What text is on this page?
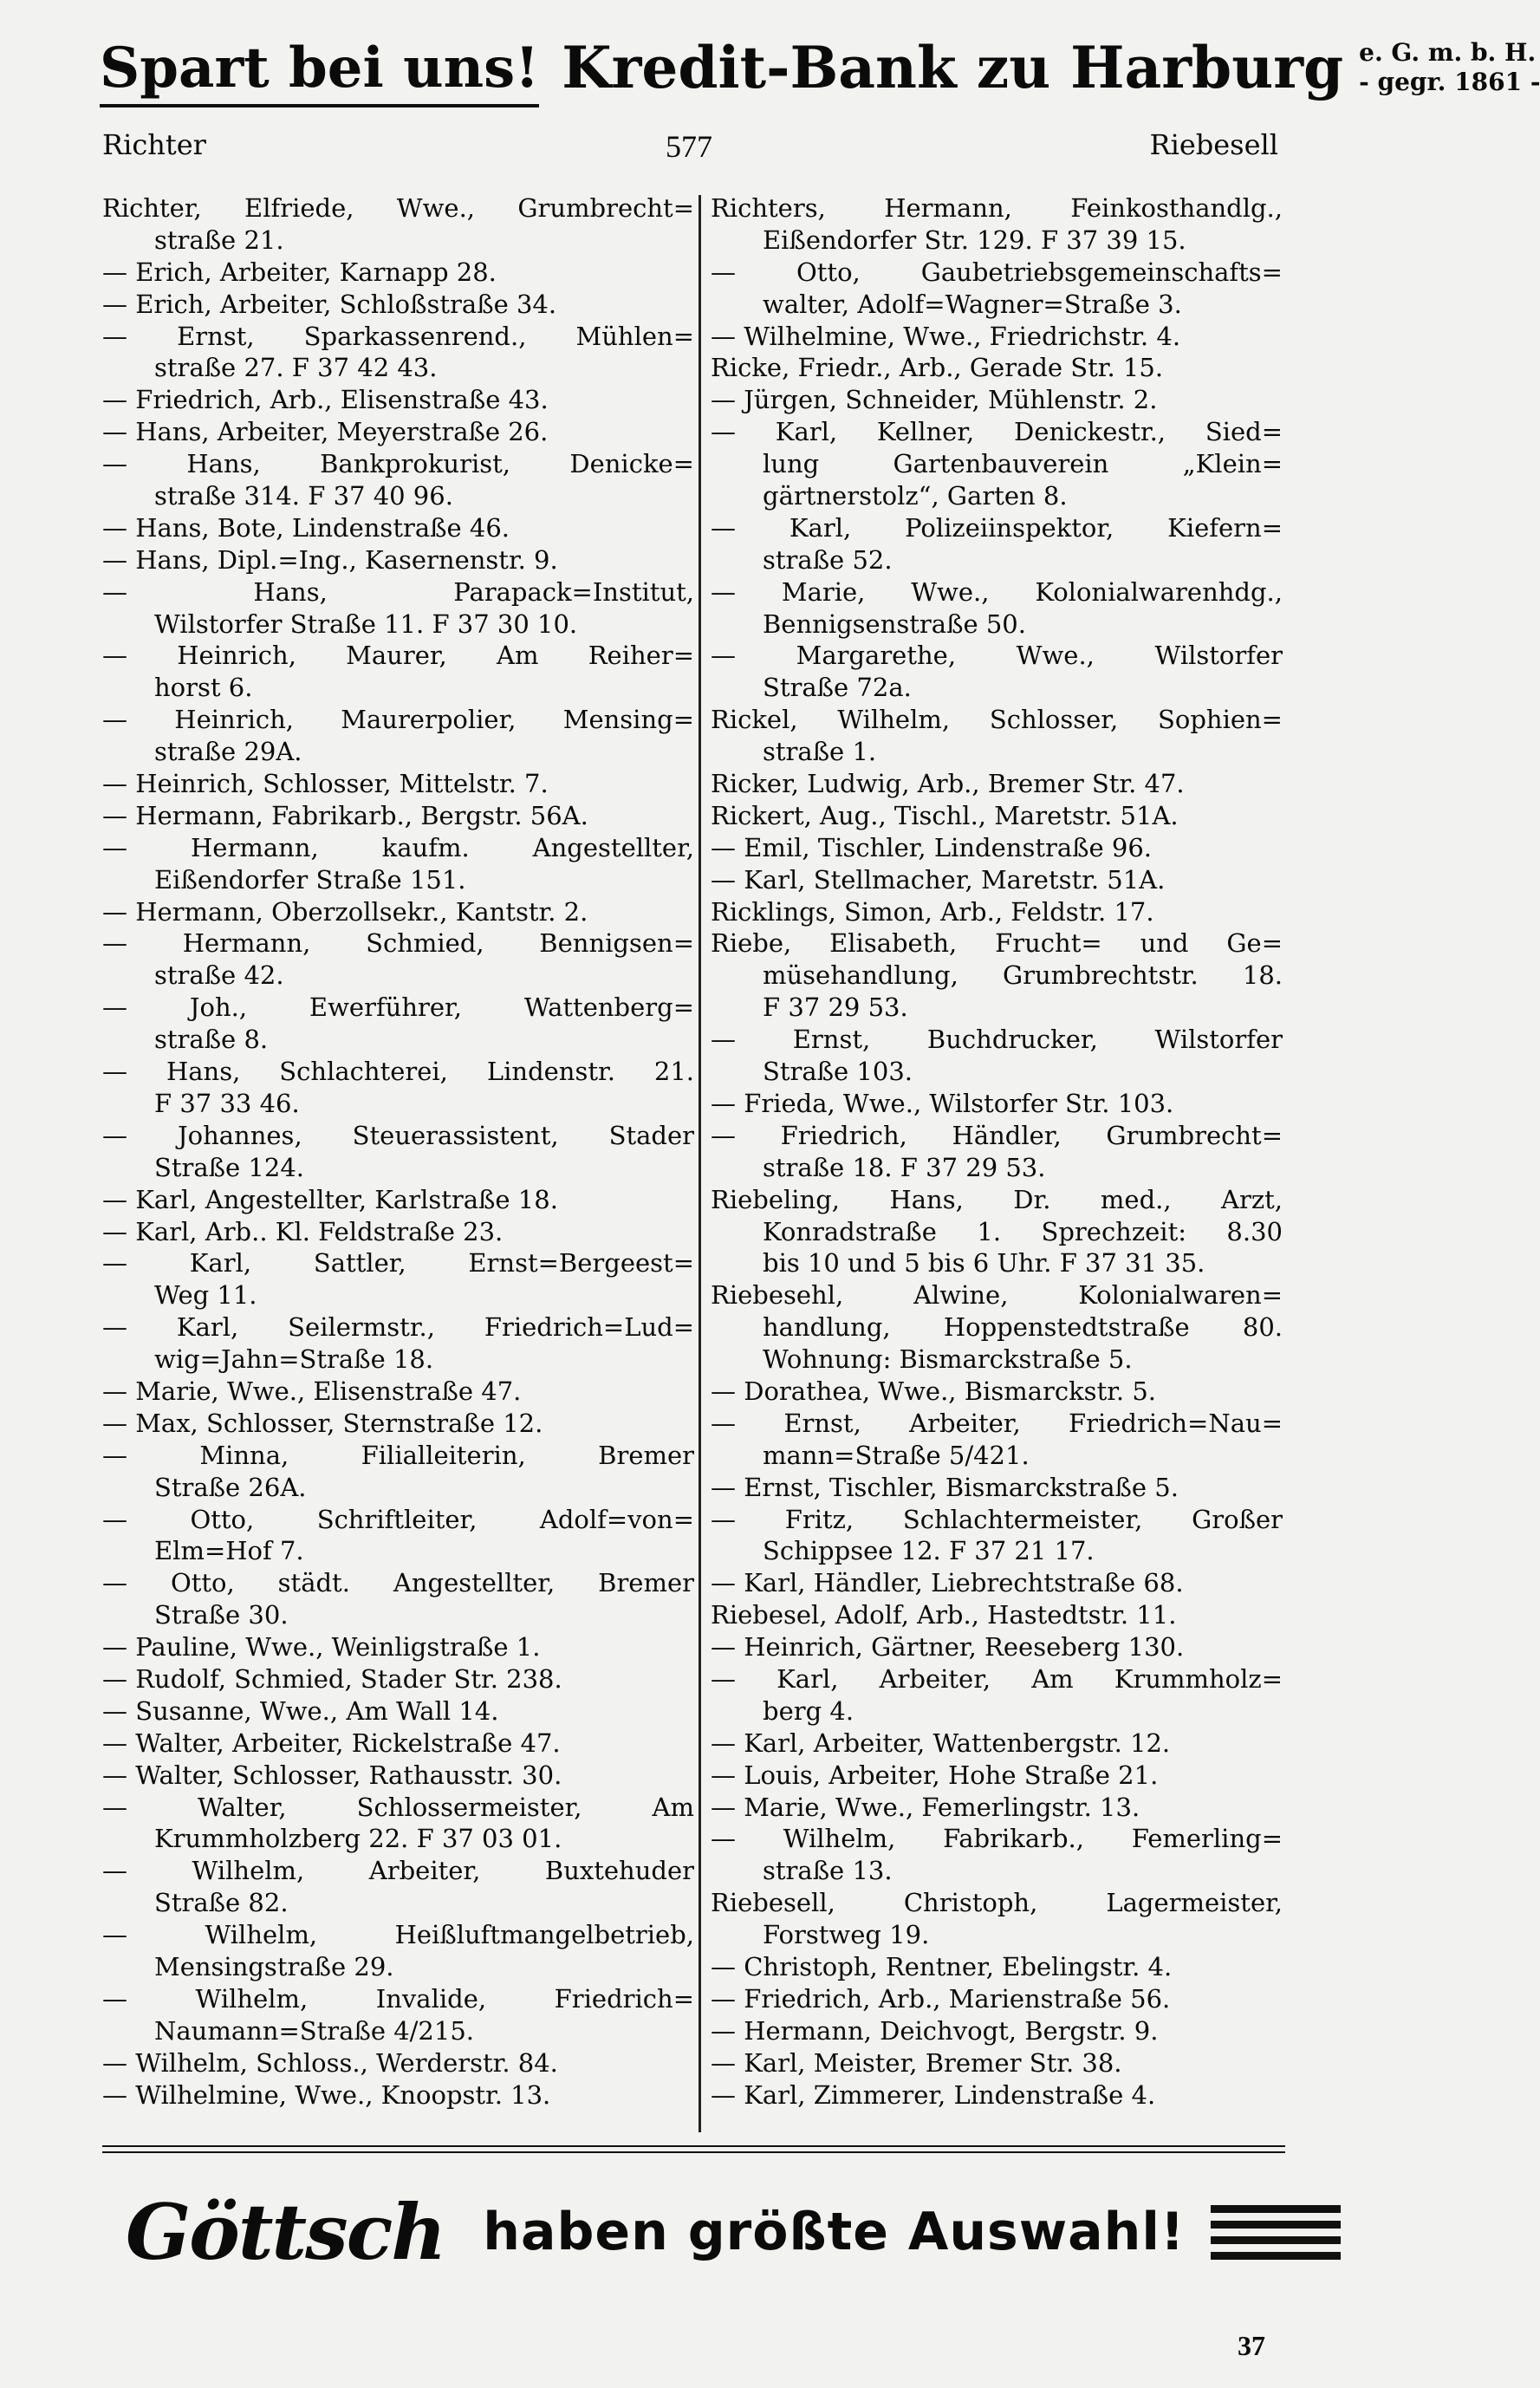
Spart bei uns! Kredit-Bank zu Harburg e. G. m. b. H.
- gegr. 1861 -
Richter	577	Riebesell
Richter, Elfriede, Wwe., Grumbrecht=
straße 21.
— Erich, Arbeiter, Karnapp 28.
— Erich, Arbeiter, Schloßstraße 34.
— Ernst, Sparkassenrend., Mühlen=
straße 27. F 37 42 43.
— Friedrich, Arb., Elisenstraße 43.
— Hans, Arbeiter, Meyerstraße 26.
— Hans, Bankprokurist, Denicke=
straße 314. F 37 40 96.
— Hans, Bote, Lindenstraße 46.
— Hans, Dipl.=Ing., Kasernenstr. 9.
— Hans, Parapack=Institut,
Wilstorfer Straße 11. F 37 30 10.
— Heinrich, Maurer, Am Reiher=
horst 6.
— Heinrich, Maurerpolier, Mensing=
straße 29A.
— Heinrich, Schlosser, Mittelstr. 7.
— Hermann, Fabrikarb., Bergstr. 56A.
— Hermann, kaufm. Angestellter,
Eißendorfer Straße 151.
— Hermann, Oberzollsekr., Kantstr. 2.
— Hermann, Schmied, Bennigsen=
straße 42.
— Joh., Ewerführer, Wattenberg=
straße 8.
— Hans, Schlachterei, Lindenstr. 21.
F 37 33 46.
— Johannes, Steuerassistent, Stader
Straße 124.
— Karl, Angestellter, Karlstraße 18.
— Karl, Arb.. Kl. Feldstraße 23.
— Karl, Sattler, Ernst=Bergeest=
Weg 11.
— Karl, Seilermstr., Friedrich=Lud=
wig=Jahn=Straße 18.
— Marie, Wwe., Elisenstraße 47.
— Max, Schlosser, Sternstraße 12.
— Minna, Filialleiterin, Bremer
Straße 26A.
— Otto, Schriftleiter, Adolf=von=
Elm=Hof 7.
— Otto, städt. Angestellter, Bremer
Straße 30.
— Pauline, Wwe., Weinligstraße 1.
— Rudolf, Schmied, Stader Str. 238.
— Susanne, Wwe., Am Wall 14.
— Walter, Arbeiter, Rickelstraße 47.
— Walter, Schlosser, Rathausstr. 30.
— Walter, Schlossermeister, Am
Krummholzberg 22. F 37 03 01.
— Wilhelm, Arbeiter, Buxtehuder
Straße 82.
— Wilhelm, Heißluftmangelbetrieb,
Mensingstraße 29.
— Wilhelm, Invalide, Friedrich=
Naumann=Straße 4/215.
— Wilhelm, Schloss., Werderstr. 84.
— Wilhelmine, Wwe., Knoopstr. 13.
Richters, Hermann, Feinkosthandlg.,
Eißendorfer Str. 129. F 37 39 15.
— Otto, Gaubetriebsgemeinschafts=
walter, Adolf=Wagner=Straße 3.
— Wilhelmine, Wwe., Friedrichstr. 4.
Ricke, Friedr., Arb., Gerade Str. 15.
— Jürgen, Schneider, Mühlenstr. 2.
— Karl, Kellner, Denickestr., Sied=
lung Gartenbauverein „Klein=
gärtnerstolz“, Garten 8.
— Karl, Polizeiinspektor, Kiefern=
straße 52.
— Marie, Wwe., Kolonialwarenhdg.,
Bennigsenstraße 50.
— Margarethe, Wwe., Wilstorfer
Straße 72a.
Rickel, Wilhelm, Schlosser, Sophien=
straße 1.
Ricker, Ludwig, Arb., Bremer Str. 47.
Rickert, Aug., Tischl., Maretstr. 51A.
— Emil, Tischler, Lindenstraße 96.
— Karl, Stellmacher, Maretstr. 51A.
Ricklings, Simon, Arb., Feldstr. 17.
Riebe, Elisabeth, Frucht= und Ge=
müsehandlung, Grumbrechtstr. 18.
F 37 29 53.
— Ernst, Buchdrucker, Wilstorfer
Straße 103.
— Frieda, Wwe., Wilstorfer Str. 103.
— Friedrich, Händler, Grumbrecht=
straße 18. F 37 29 53.
Riebeling, Hans, Dr. med., Arzt,
Konradstraße 1. Sprechzeit: 8.30
bis 10 und 5 bis 6 Uhr. F 37 31 35.
Riebesehl, Alwine, Kolonialwaren=
handlung, Hoppenstedtstraße 80.
Wohnung: Bismarckstraße 5.
— Dorathea, Wwe., Bismarckstr. 5.
— Ernst, Arbeiter, Friedrich=Nau=
mann=Straße 5/421.
— Ernst, Tischler, Bismarckstraße 5.
— Fritz, Schlachtermeister, Großer
Schippsee 12. F 37 21 17.
— Karl, Händler, Liebrechtstraße 68.
Riebesel, Adolf, Arb., Hastedtstr. 11.
— Heinrich, Gärtner, Reeseberg 130.
— Karl, Arbeiter, Am Krummholz=
berg 4.
— Karl, Arbeiter, Wattenbergstr. 12.
— Louis, Arbeiter, Hohe Straße 21.
— Marie, Wwe., Femerlingstr. 13.
— Wilhelm, Fabrikarb., Femerling=
straße 13.
Riebesell, Christoph, Lagermeister,
Forstweg 19.
— Christoph, Rentner, Ebelingstr. 4.
— Friedrich, Arb., Marienstraße 56.
— Hermann, Deichvogt, Bergstr. 9.
— Karl, Meister, Bremer Str. 38.
— Karl, Zimmerer, Lindenstraße 4.
Göttsch haben größte Auswahl!
37
